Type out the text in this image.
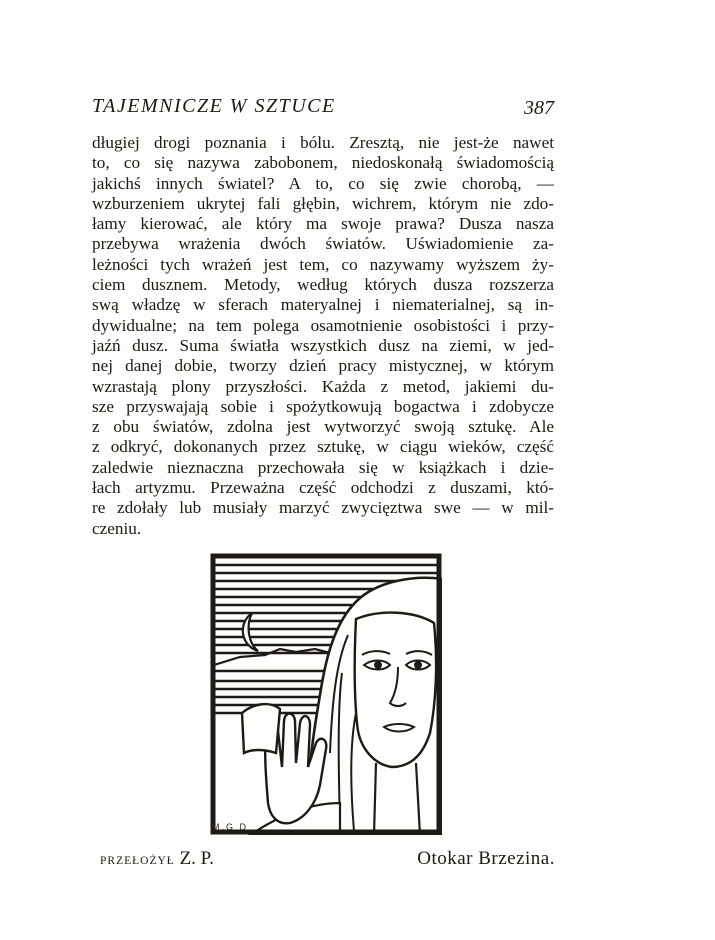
TAJEMNICZE W SZTUCE	387
długiej drogi poznania i bólu. Zresztą, nie jest-że nawet
to, co się nazywa zabobonem, niedoskonałą świadomością
jakichś innych światel? A to, co się zwie chorobą, —
wzburzeniem ukrytej fali głębin, wichrem, którym nie zdo-
łamy kierować, ale który ma swoje prawa? Dusza nasza
przebywa wrażenia dwóch światów. Uświadomienie za-
leżności tych wrażeń jest tem, co nazywamy wyższem ży-
ciem dusznem. Metody, według których dusza rozszerza
swą władzę w sferach materyalnej i niematerialnej, są in-
dywidualne; na tem polega osamotnienie osobistości i przy-
jaźń dusz. Suma światła wszystkich dusz na ziemi, w jed-
nej danej dobie, tworzy dzień pracy mistycznej, w którym
wzrastają plony przyszłości. Każda z metod, jakiemi du-
sze przyswajają sobie i spożytkowują bogactwa i zdobycze
z obu światów, zdolna jest wytworzyć swoją sztukę. Ale
z odkryć, dokonanych przez sztukę, w ciągu wieków, część
zaledwie nieznaczna przechowała się w książkach i dzie-
łach artyzmu. Przeważna część odchodzi z duszami, któ-
re zdołały lub musiały marzyć zwycięztwa swe — w mil-
czeniu.
M.G D
PRZEŁOŻYŁ Z. P.	Otokar Brzezina.
